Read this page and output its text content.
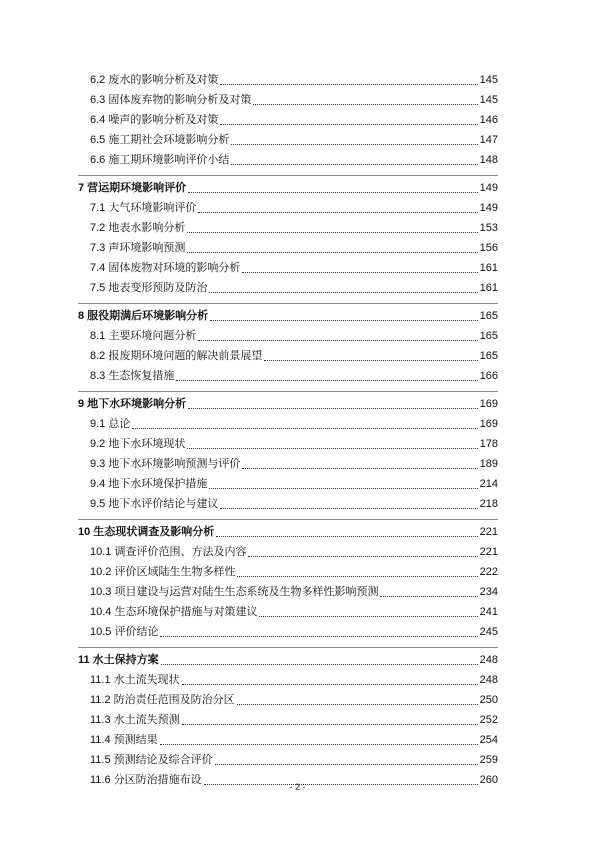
6.2 废水的影响分析及对策	145
6.3 固体废弃物的影响分析及对策	145
6.4 噪声的影响分析及对策	146
6.5 施工期社会环境影响分析	147
6.6 施工期环境影响评价小结	148
7 营运期环境影响评价	149
7.1 大气环境影响评价	149
7.2 地表水影响分析	153
7.3 声环境影响预测	156
7.4 固体废物对环境的影响分析	161
7.5 地表变形预防及防治	161
8 服役期满后环境影响分析	165
8.1 主要环境问题分析	165
8.2 报废期环境问题的解决前景展望	165
8.3 生态恢复措施	166
9 地下水环境影响分析	169
9.1 总论	169
9.2 地下水环境现状	178
9.3 地下水环境影响预测与评价	189
9.4 地下水环境保护措施	214
9.5 地下水评价结论与建议	218
10 生态现状调查及影响分析	221
10.1 调查评价范围、方法及内容	221
10.2 评价区域陆生生物多样性	222
10.3 项目建设与运营对陆生生态系统及生物多样性影响预测	234
10.4 生态环境保护措施与对策建议	241
10.5 评价结论	245
11 水土保持方案	248
11.1 水土流失现状	248
11.2 防治责任范围及防治分区	250
11.3 水土流失预测	252
11.4 预测结果	254
11.5 预测结论及综合评价	259
11.6 分区防治措施布设	260
- 2 -
